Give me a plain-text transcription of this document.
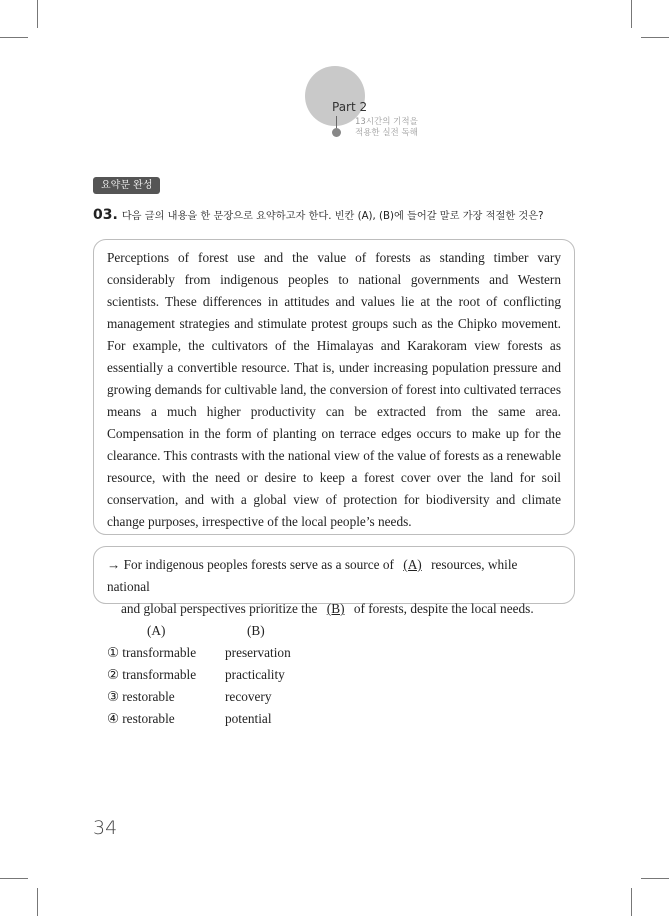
Part 2
13시간의 기적을
적용한 실전 독해
요약문 완성
03. 다음 글의 내용을 한 문장으로 요약하고자 한다. 빈칸 (A), (B)에 들어갈 말로 가장 적절한 것은?

Perceptions of forest use and the value of forests as standing timber vary considerably from indigenous peoples to national governments and Western scientists. These differences in attitudes and values lie at the root of conflicting management strategies and stimulate protest groups such as the Chipko movement. For example, the cultivators of the Himalayas and Karakoram view forests as essentially a convertible resource. That is, under increasing population pressure and growing demands for cultivable land, the conversion of forest into cultivated terraces means a much higher productivity can be extracted from the same area. Compensation in the form of planting on terrace edges occurs to make up for the clearance. This contrasts with the national view of the value of forests as a renewable resource, with the need or desire to keep a forest cover over the land for soil conservation, and with a global view of protection for biodiversity and climate change purposes, irrespective of the local people’s needs.

→ For indigenous peoples forests serve as a source of (A) resources, while national
and global perspectives prioritize the (B) of forests, despite the local needs.
(A)	(B)
① transformable	preservation
② transformable	practicality
③ restorable	recovery
④ restorable	potential
34
